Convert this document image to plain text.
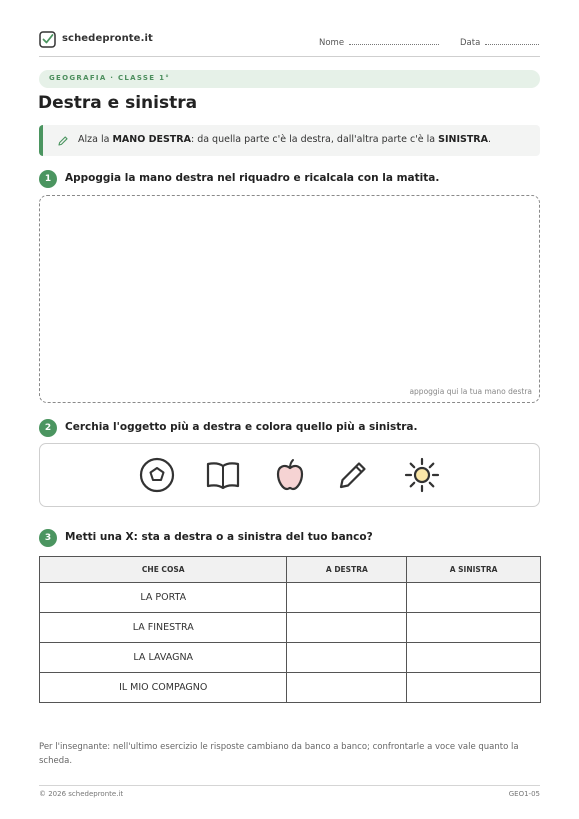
schedepronte.it	Nome	Data
GEOGRAFIA · CLASSE 1°
Destra e sinistra
Alza la MANO DESTRA: da quella parte c'è la destra, dall'altra parte c'è la SINISTRA.
1	Appoggia la mano destra nel riquadro e ricalcala con la matita.
appoggia qui la tua mano destra
2	Cerchia l'oggetto più a destra e colora quello più a sinistra.
3	Metti una X: sta a destra o a sinistra del tuo banco?
CHE COSA	A DESTRA	A SINISTRA
LA PORTA		
LA FINESTRA		
LA LAVAGNA		
IL MIO COMPAGNO		
Per l'insegnante: nell'ultimo esercizio le risposte cambiano da banco a banco; confrontarle a voce vale quanto la scheda.
© 2026 schedepronte.it	GEO1-05
